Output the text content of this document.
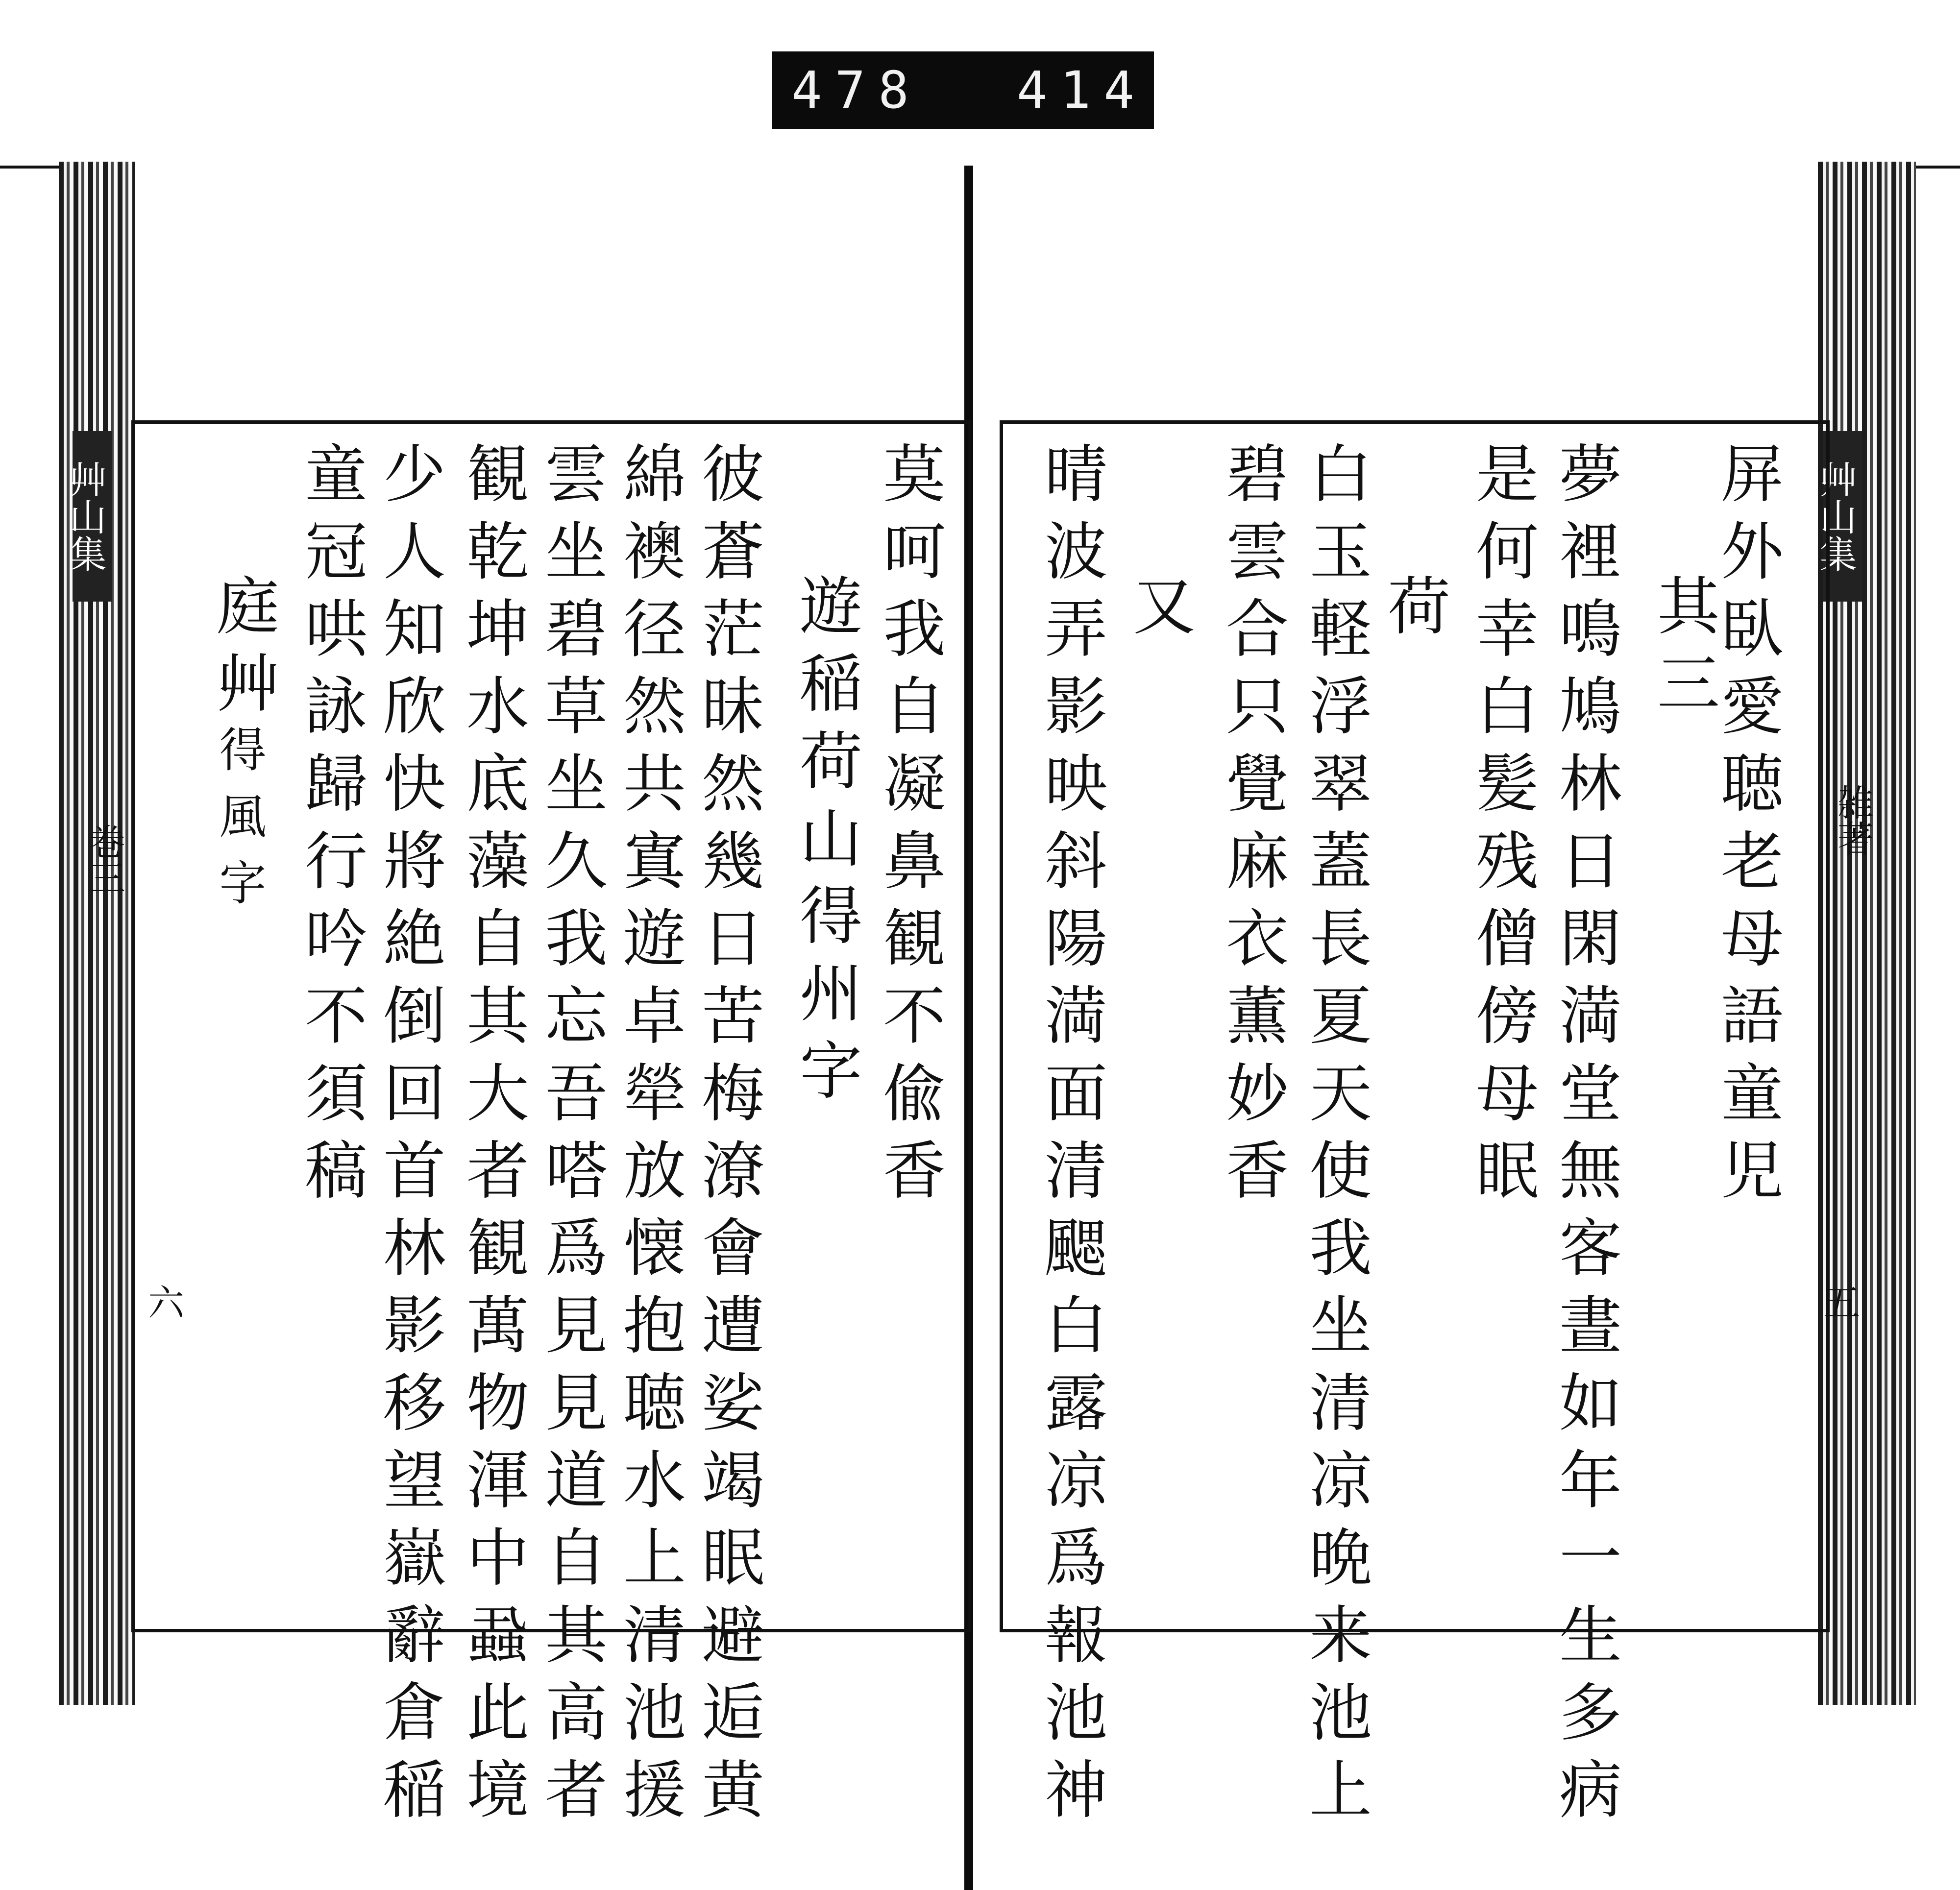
478 414
艸山集	艸山集
巻三
雑著
六	五
莫呵我自凝鼻観不偸香
遊稲荷山得州字
彼蒼茫昧然幾日苦梅潦會遭娑竭眠避逅黄
綿襖径然共寘遊卓犖放懐抱聴水上清池援
雲坐碧草坐久我忘吾嗒爲見見道自其高者
観乾坤水底藻自其大者観萬物渾中蝨此境
少人知欣快將絶倒回首林影移望嶽辭倉稲
童冠哄詠歸行吟不須稿
庭艸
得風字	屏外臥愛聴老母語童児
其三
夢裡鳴鳩林日閑満堂無客晝如年一生多病
是何幸白髪残僧傍母眠
荷
白玉軽浮翠蓋長夏天使我坐清凉晩来池上
碧雲合只覺麻衣薫妙香
又
晴波弄影映斜陽満面清颸白露凉爲報池神
